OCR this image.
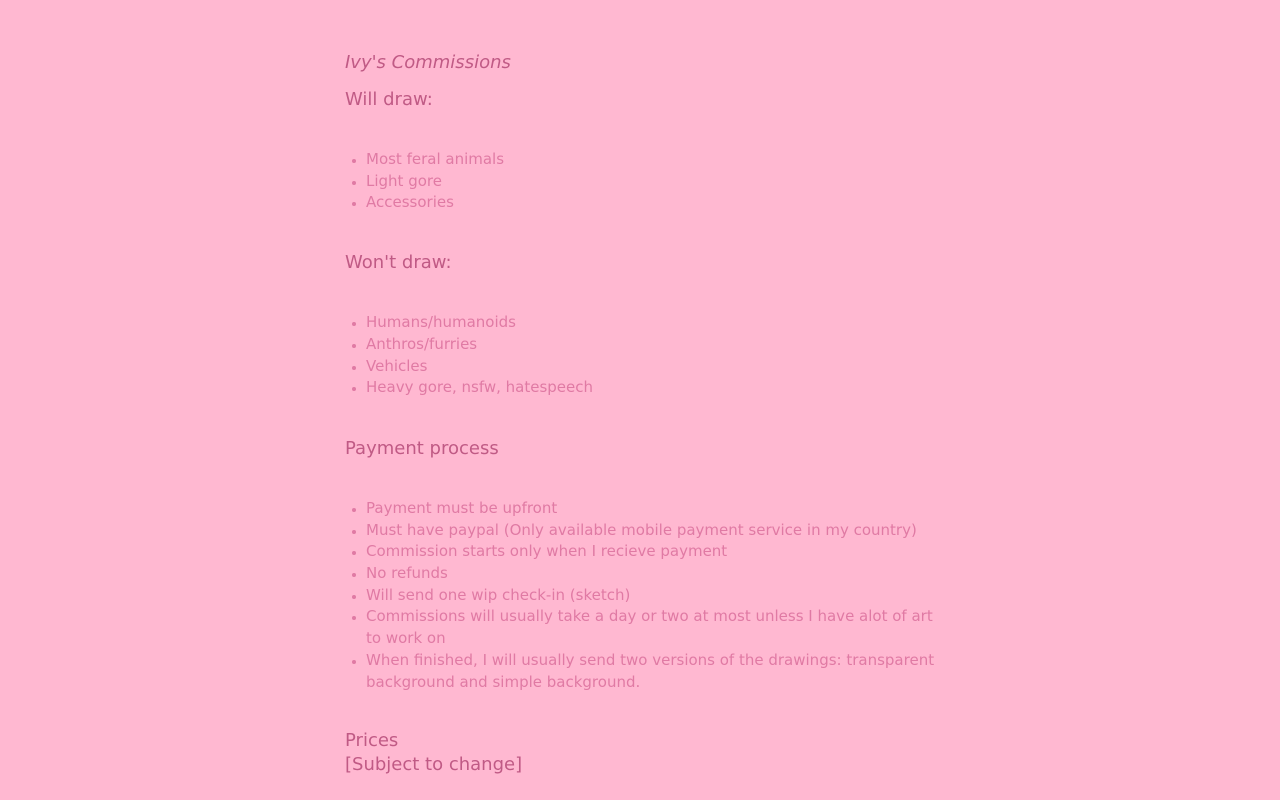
Ivy's Commissions
Will draw:
• Most feral animals
• Light gore
• Accessories
Won't draw:
• Humans/humanoids
• Anthros/furries
• Vehicles
• Heavy gore, nsfw, hatespeech
Payment process
• Payment must be upfront
• Must have paypal (Only available mobile payment service in my country)
• Commission starts only when I recieve payment
• No refunds
• Will send one wip check-in (sketch)
• Commissions will usually take a day or two at most unless I have alot of art to work on
• When finished, I will usually send two versions of the drawings: transparent background and simple background.
Prices
[Subject to change]
